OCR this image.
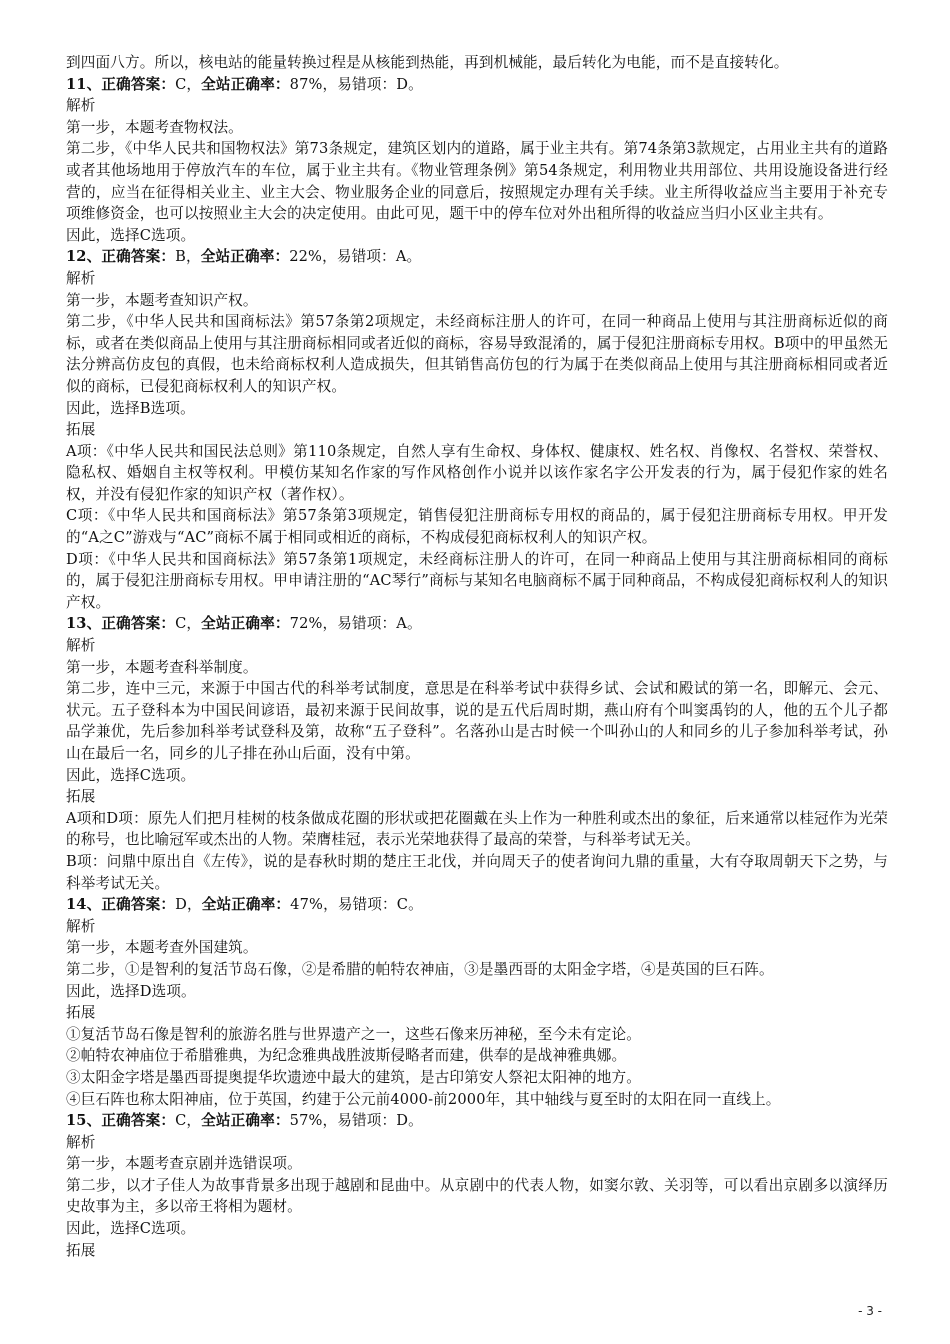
到四面八方。所以，核电站的能量转换过程是从核能到热能，再到机械能，最后转化为电能，而不是直接转化。

11、正确答案：C，全站正确率：87%，易错项：D。

解析

第一步，本题考查物权法。

第二步，《中华人民共和国物权法》第73条规定，建筑区划内的道路，属于业主共有。第74条第3款规定，占用业主共有的道路或者其他场地用于停放汽车的车位，属于业主共有。《物业管理条例》第54条规定，利用物业共用部位、共用设施设备进行经营的，应当在征得相关业主、业主大会、物业服务企业的同意后，按照规定办理有关手续。业主所得收益应当主要用于补充专项维修资金，也可以按照业主大会的决定使用。由此可见，题干中的停车位对外出租所得的收益应当归小区业主共有。

因此，选择C选项。

12、正确答案：B，全站正确率：22%，易错项：A。

解析

第一步，本题考查知识产权。

第二步，《中华人民共和国商标法》第57条第2项规定，未经商标注册人的许可，在同一种商品上使用与其注册商标近似的商标，或者在类似商品上使用与其注册商标相同或者近似的商标，容易导致混淆的，属于侵犯注册商标专用权。B项中的甲虽然无法分辨高仿皮包的真假，也未给商标权利人造成损失，但其销售高仿包的行为属于在类似商品上使用与其注册商标相同或者近似的商标，已侵犯商标权利人的知识产权。

因此，选择B选项。

拓展

A项：《中华人民共和国民法总则》第110条规定，自然人享有生命权、身体权、健康权、姓名权、肖像权、名誉权、荣誉权、隐私权、婚姻自主权等权利。甲模仿某知名作家的写作风格创作小说并以该作家名字公开发表的行为，属于侵犯作家的姓名权，并没有侵犯作家的知识产权（著作权）。

C项：《中华人民共和国商标法》第57条第3项规定，销售侵犯注册商标专用权的商品的，属于侵犯注册商标专用权。甲开发的“A之C”游戏与“AC”商标不属于相同或相近的商标，不构成侵犯商标权利人的知识产权。

D项：《中华人民共和国商标法》第57条第1项规定，未经商标注册人的许可，在同一种商品上使用与其注册商标相同的商标的，属于侵犯注册商标专用权。甲申请注册的“AC琴行”商标与某知名电脑商标不属于同种商品，不构成侵犯商标权利人的知识产权。

13、正确答案：C，全站正确率：72%，易错项：A。

解析

第一步，本题考查科举制度。

第二步，连中三元，来源于中国古代的科举考试制度，意思是在科举考试中获得乡试、会试和殿试的第一名，即解元、会元、状元。五子登科本为中国民间谚语，最初来源于民间故事，说的是五代后周时期，燕山府有个叫窦禹钧的人，他的五个儿子都品学兼优，先后参加科举考试登科及第，故称“五子登科”。名落孙山是古时候一个叫孙山的人和同乡的儿子参加科举考试，孙山在最后一名，同乡的儿子排在孙山后面，没有中第。

因此，选择C选项。

拓展

A项和D项：原先人们把月桂树的枝条做成花圈的形状或把花圈戴在头上作为一种胜利或杰出的象征，后来通常以桂冠作为光荣的称号，也比喻冠军或杰出的人物。荣膺桂冠，表示光荣地获得了最高的荣誉，与科举考试无关。

B项：问鼎中原出自《左传》，说的是春秋时期的楚庄王北伐，并向周天子的使者询问九鼎的重量，大有夺取周朝天下之势，与科举考试无关。

14、正确答案：D，全站正确率：47%，易错项：C。

解析

第一步，本题考查外国建筑。

第二步，①是智利的复活节岛石像，②是希腊的帕特农神庙，③是墨西哥的太阳金字塔，④是英国的巨石阵。

因此，选择D选项。

拓展

①复活节岛石像是智利的旅游名胜与世界遗产之一，这些石像来历神秘，至今未有定论。

②帕特农神庙位于希腊雅典，为纪念雅典战胜波斯侵略者而建，供奉的是战神雅典娜。

③太阳金字塔是墨西哥提奥提华坎遗迹中最大的建筑，是古印第安人祭祀太阳神的地方。

④巨石阵也称太阳神庙，位于英国，约建于公元前4000-前2000年，其中轴线与夏至时的太阳在同一直线上。

15、正确答案：C，全站正确率：57%，易错项：D。

解析

第一步，本题考查京剧并选错误项。

第二步，以才子佳人为故事背景多出现于越剧和昆曲中。从京剧中的代表人物，如窦尔敦、关羽等，可以看出京剧多以演绎历史故事为主，多以帝王将相为题材。

因此，选择C选项。

拓展

- 3 -
